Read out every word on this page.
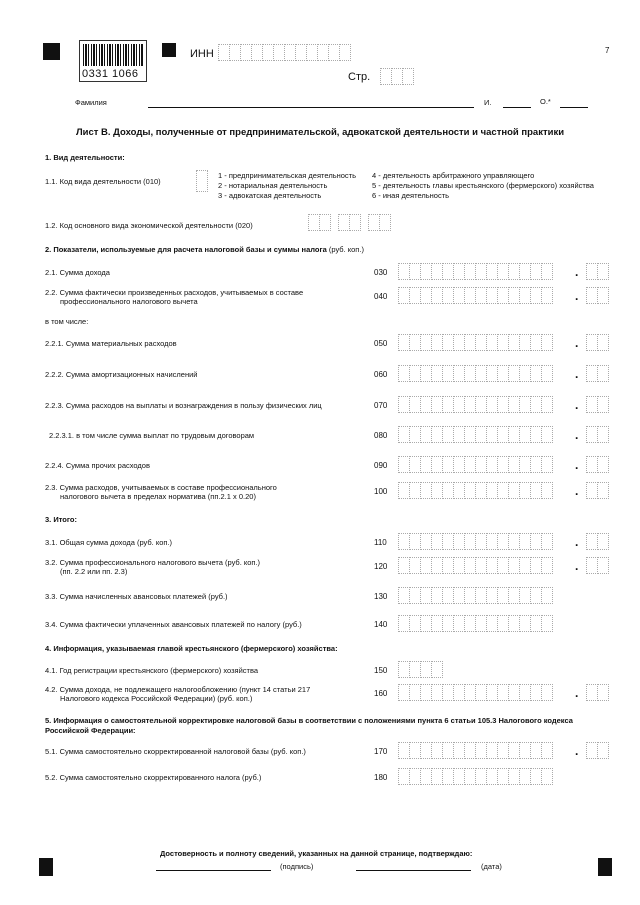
0331 1066
7
ИНН
Стр.
Фамилия	И.	О.*
Лист В. Доходы, полученные от предпринимательской, адвокатской деятельности и частной практики
1. Вид деятельности:
1.1. Код вида деятельности (010)
1 - предпринимательская деятельность
2 - нотариальная деятельность
3 - адвокатская деятельность
4 - деятельность арбитражного управляющего
5 - деятельность главы крестьянского (фермерского) хозяйства
6 - иная деятельность
1.2. Код основного вида экономической деятельности (020)
2. Показатели, используемые для расчета налоговой базы и суммы налога (руб. коп.)
2.1. Сумма дохода	030	.
2.2. Сумма фактически произведенных расходов, учитываемых в составе
профессионального налогового вычета
040	.
2.2.1. Сумма материальных расходов	050	.
2.2.2. Сумма амортизационных начислений	060	.
2.2.3. Сумма расходов на выплаты и вознаграждения в пользу физических лиц	070	.
2.2.3.1. в том числе сумма выплат по трудовым договорам	080	.
2.2.4. Сумма прочих расходов	090	.
2.3. Сумма расходов, учитываемых в составе профессионального
налогового вычета в пределах норматива (пп.2.1 x 0.20)
100	.
3.1. Общая сумма дохода (руб. коп.)	110	.
3.2. Сумма профессионального налогового вычета (руб. коп.)
(пп. 2.2 или пп. 2.3)
120	.
3.3. Сумма начисленных авансовых платежей (руб.)	130
3.4. Сумма фактически уплаченных авансовых платежей по налогу (руб.)	140
4.1. Год регистрации крестьянского (фермерского) хозяйства	150
4.2. Сумма дохода, не подлежащего налогообложению (пункт 14 статьи 217
Налогового кодекса Российской Федерации) (руб. коп.)
160	.
5.1. Сумма самостоятельно скорректированной налоговой базы (руб. коп.)	170	.
5.2. Сумма самостоятельно скорректированного налога (руб.)	180
в том числе:
3. Итого:
4. Информация, указываемая главой крестьянского (фермерского) хозяйства:
5. Информация о самостоятельной корректировке налоговой базы в соответствии с положениями пункта 6 статьи 105.3 Налогового кодекса
Российской Федерации:
Достоверность и полноту сведений, указанных на данной странице, подтверждаю:
(подпись)	(дата)
